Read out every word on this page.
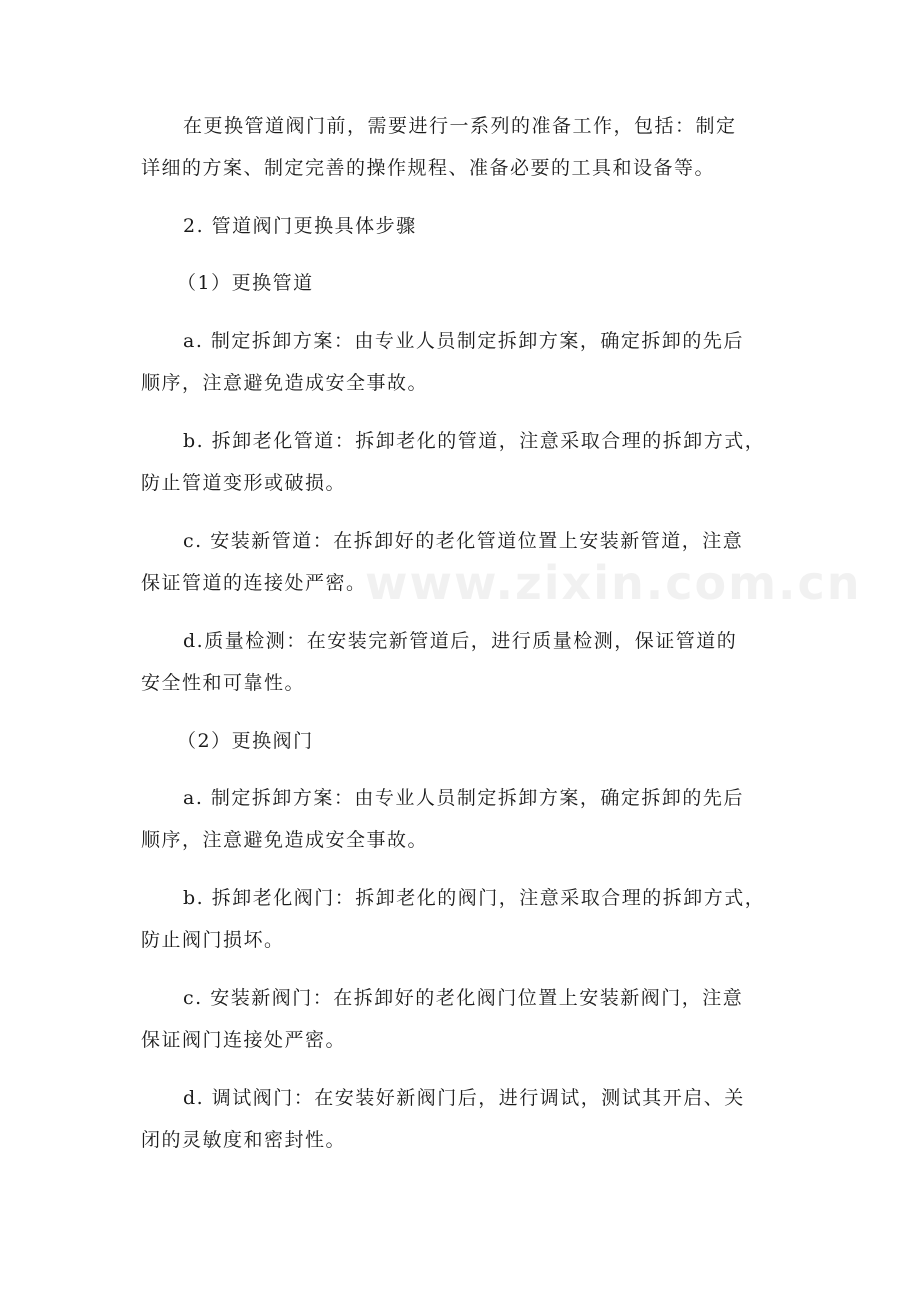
www.zixin.com.cn

在更换管道阀门前，需要进行一系列的准备工作，包括：制定
详细的方案、制定完善的操作规程、准备必要的工具和设备等。

2. 管道阀门更换具体步骤

（1）更换管道

a. 制定拆卸方案：由专业人员制定拆卸方案，确定拆卸的先后
顺序，注意避免造成安全事故。

b. 拆卸老化管道：拆卸老化的管道，注意采取合理的拆卸方式，
防止管道变形或破损。

c. 安装新管道：在拆卸好的老化管道位置上安装新管道，注意
保证管道的连接处严密。

d.质量检测：在安装完新管道后，进行质量检测，保证管道的
安全性和可靠性。

（2）更换阀门

a. 制定拆卸方案：由专业人员制定拆卸方案，确定拆卸的先后
顺序，注意避免造成安全事故。

b. 拆卸老化阀门：拆卸老化的阀门，注意采取合理的拆卸方式，
防止阀门损坏。

c. 安装新阀门：在拆卸好的老化阀门位置上安装新阀门，注意
保证阀门连接处严密。

d. 调试阀门：在安装好新阀门后，进行调试，测试其开启、关
闭的灵敏度和密封性。
